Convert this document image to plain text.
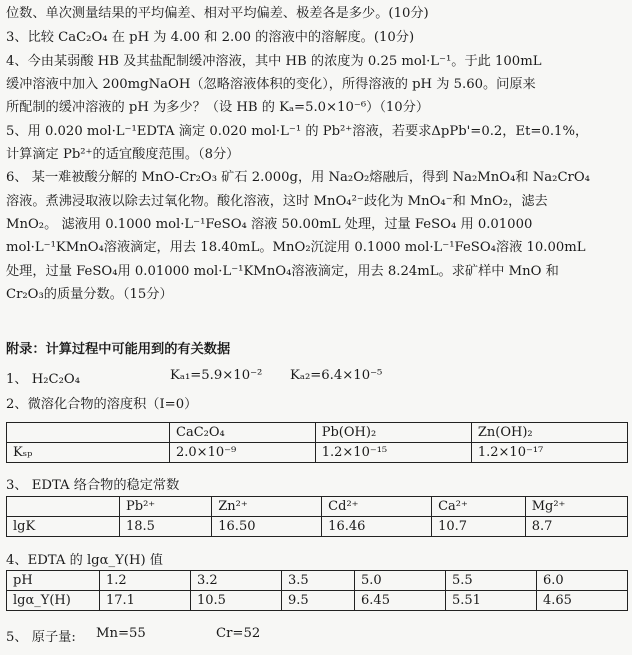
位数、单次测量结果的平均偏差、相对平均偏差、极差各是多少。(10分)
3、比较 CaC₂O₄ 在 pH 为 4.00 和 2.00 的溶液中的溶解度。(10分)
4、今由某弱酸 HB 及其盐配制缓冲溶液，其中 HB 的浓度为 0.25 mol·L⁻¹。于此 100mL
缓冲溶液中加入 200mgNaOH（忽略溶液体积的变化），所得溶液的 pH 为 5.60。问原来
所配制的缓冲溶液的 pH 为多少？（设 HB 的 Kₐ=5.0×10⁻⁶）（10分）
5、用 0.020 mol·L⁻¹EDTA 滴定 0.020 mol·L⁻¹ 的 Pb²⁺溶液，若要求ΔpPb'=0.2，Et=0.1%，
计算滴定 Pb²⁺的适宜酸度范围。（8分）
6、 某一难被酸分解的 MnO-Cr₂O₃ 矿石 2.000g，用 Na₂O₂熔融后，得到 Na₂MnO₄和 Na₂CrO₄
溶液。煮沸浸取液以除去过氧化物。酸化溶液，这时 MnO₄²⁻歧化为 MnO₄⁻和 MnO₂，滤去
MnO₂。 滤液用 0.1000 mol·L⁻¹FeSO₄ 溶液 50.00mL 处理，过量 FeSO₄ 用 0.01000
mol·L⁻¹KMnO₄溶液滴定，用去 18.40mL。MnO₂沉淀用 0.1000 mol·L⁻¹FeSO₄溶液 10.00mL
处理，过量 FeSO₄用 0.01000 mol·L⁻¹KMnO₄溶液滴定，用去 8.24mL。求矿样中 MnO 和
Cr₂O₃的质量分数。（15分）
附录：计算过程中可能用到的有关数据
1、 H₂C₂O₄	Kₐ₁=5.9×10⁻² Kₐ₂=6.4×10⁻⁵
2、微溶化合物的溶度积（I=0）
	CaC₂O₄	Pb(OH)₂	Zn(OH)₂
Kₛₚ	2.0×10⁻⁹	1.2×10⁻¹⁵	1.2×10⁻¹⁷
3、 EDTA 络合物的稳定常数
	Pb²⁺	Zn²⁺	Cd²⁺	Ca²⁺	Mg²⁺
lgK	18.5	16.50	16.46	10.7	8.7
4、EDTA 的 lgα_Y(H) 值
pH	1.2	3.2	3.5	5.0	5.5	6.0
lgα_Y(H)	17.1	10.5	9.5	6.45	5.51	4.65
5、 原子量: Mn=55	Cr=52
